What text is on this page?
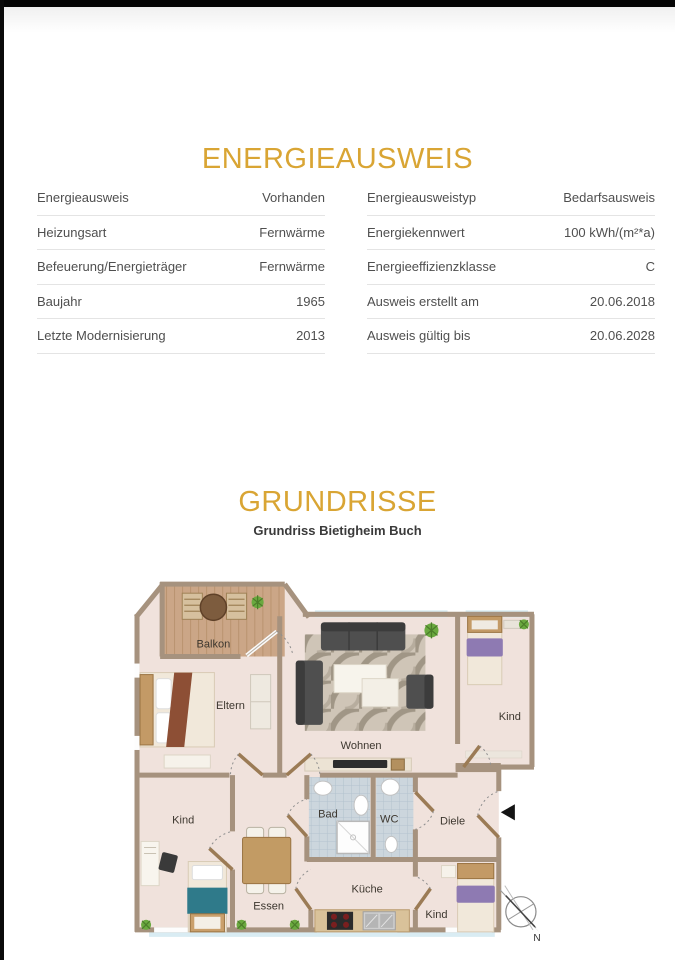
ENERGIEAUSWEIS
Energieausweis	Vorhanden
Heizungsart	Fernwärme
Befeuerung/Energieträger	Fernwärme
Baujahr	1965
Letzte Modernisierung	2013
Energieausweistyp	Bedarfsausweis
Energiekennwert	100 kWh/(m²*a)
Energieeffizienzklasse	C
Ausweis erstellt am	20.06.2018
Ausweis gültig bis	20.06.2028
GRUNDRISSE
Grundriss Bietigheim Buch
Balkon
Eltern
Wohnen
Kind
Bad	WC	Diele
Kind
Essen
Küche
Kind
N
